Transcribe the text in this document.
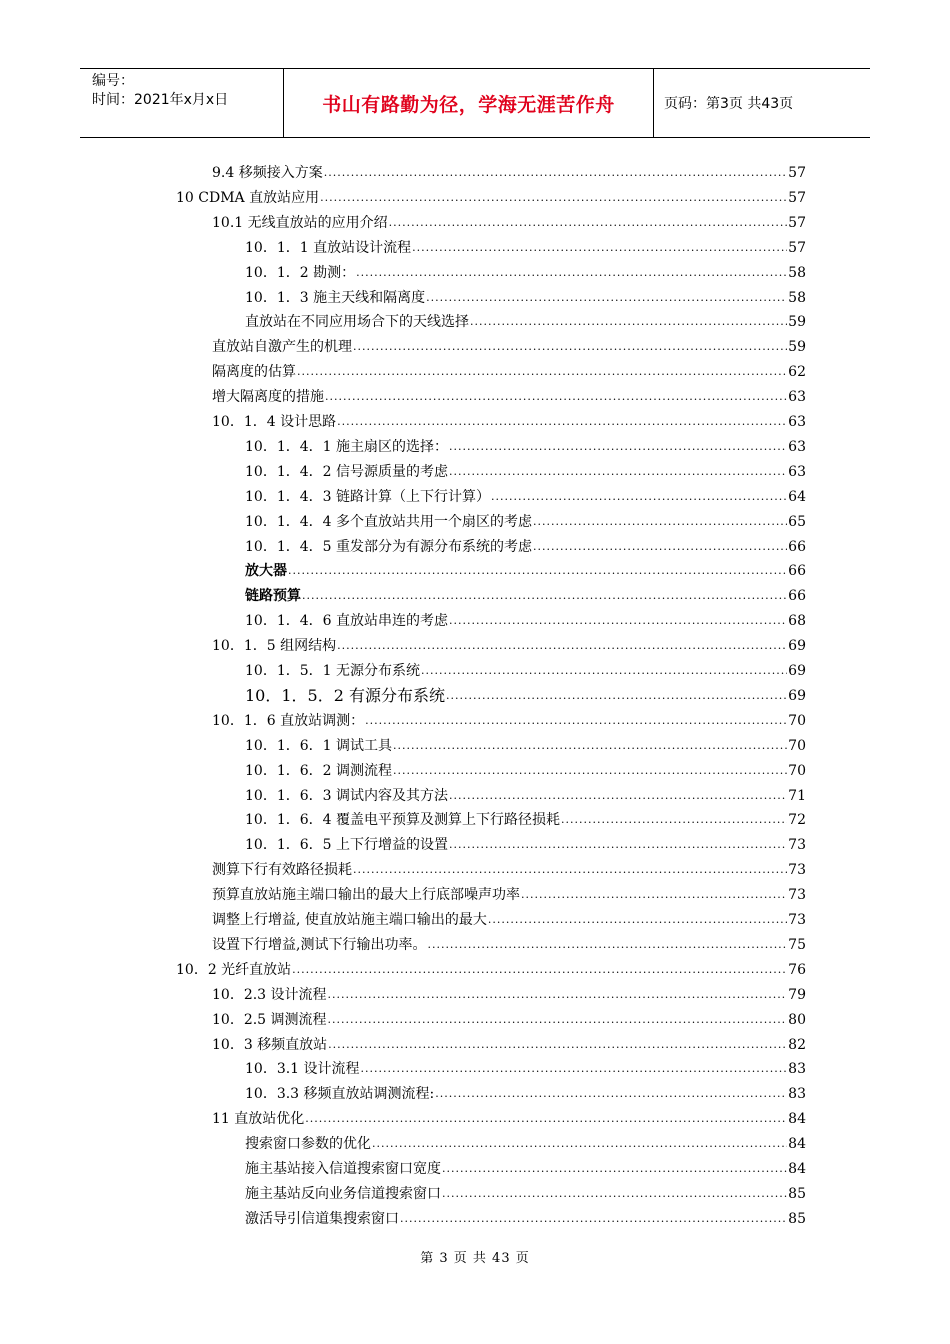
编号：
时间：2021年x月x日	书山有路勤为径，学海无涯苦作舟	页码：第3页 共43页
9.4 移频接入方案 .....	57
10 CDMA 直放站应用 .....	57
10.1 无线直放站的应用介绍 .....	57
10．1．1 直放站设计流程 .....	57
10．1．2 勘测： .....	58
10．1．3 施主天线和隔离度 .....	58
直放站在不同应用场合下的天线选择 .....	59
直放站自激产生的机理 .....	59
隔离度的估算 .....	62
增大隔离度的措施 .....	63
10．1．4 设计思路 .....	63
10．1．4．1 施主扇区的选择： .....	63
10．1．4．2 信号源质量的考虑 .....	63
10．1．4．3 链路计算（上下行计算） .....	64
10．1．4．4 多个直放站共用一个扇区的考虑 .....	65
10．1．4．5 重发部分为有源分布系统的考虑 .....	66
放大器 .....	66
链路预算 .....	66
10．1．4．6 直放站串连的考虑 .....	68
10．1．5 组网结构 .....	69
10．1．5．1 无源分布系统 .....	69
10．1．5．2 有源分布系统 .....	69
10．1．6 直放站调测： .....	70
10．1．6．1 调试工具 .....	70
10．1．6．2 调测流程 .....	70
10．1．6．3 调试内容及其方法 .....	71
10．1．6．4 覆盖电平预算及测算上下行路径损耗 .....	72
10．1．6．5 上下行增益的设置 .....	73
测算下行有效路径损耗 .....	73
预算直放站施主端口输出的最大上行底部噪声功率 .....	73
调整上行增益, 使直放站施主端口输出的最大 .....	73
设置下行增益,测试下行输出功率。 .....	75
10．2 光纤直放站 .....	76
10．2.3 设计流程 .....	79
10．2.5 调测流程 .....	80
10．3 移频直放站 .....	82
10．3.1 设计流程 .....	83
10．3.3 移频直放站调测流程: .....	83
11 直放站优化 .....	84
搜索窗口参数的优化 .....	84
施主基站接入信道搜索窗口宽度 .....	84
施主基站反向业务信道搜索窗口 .....	85
激活导引信道集搜索窗口 .....	85
第 3 页 共 43 页
